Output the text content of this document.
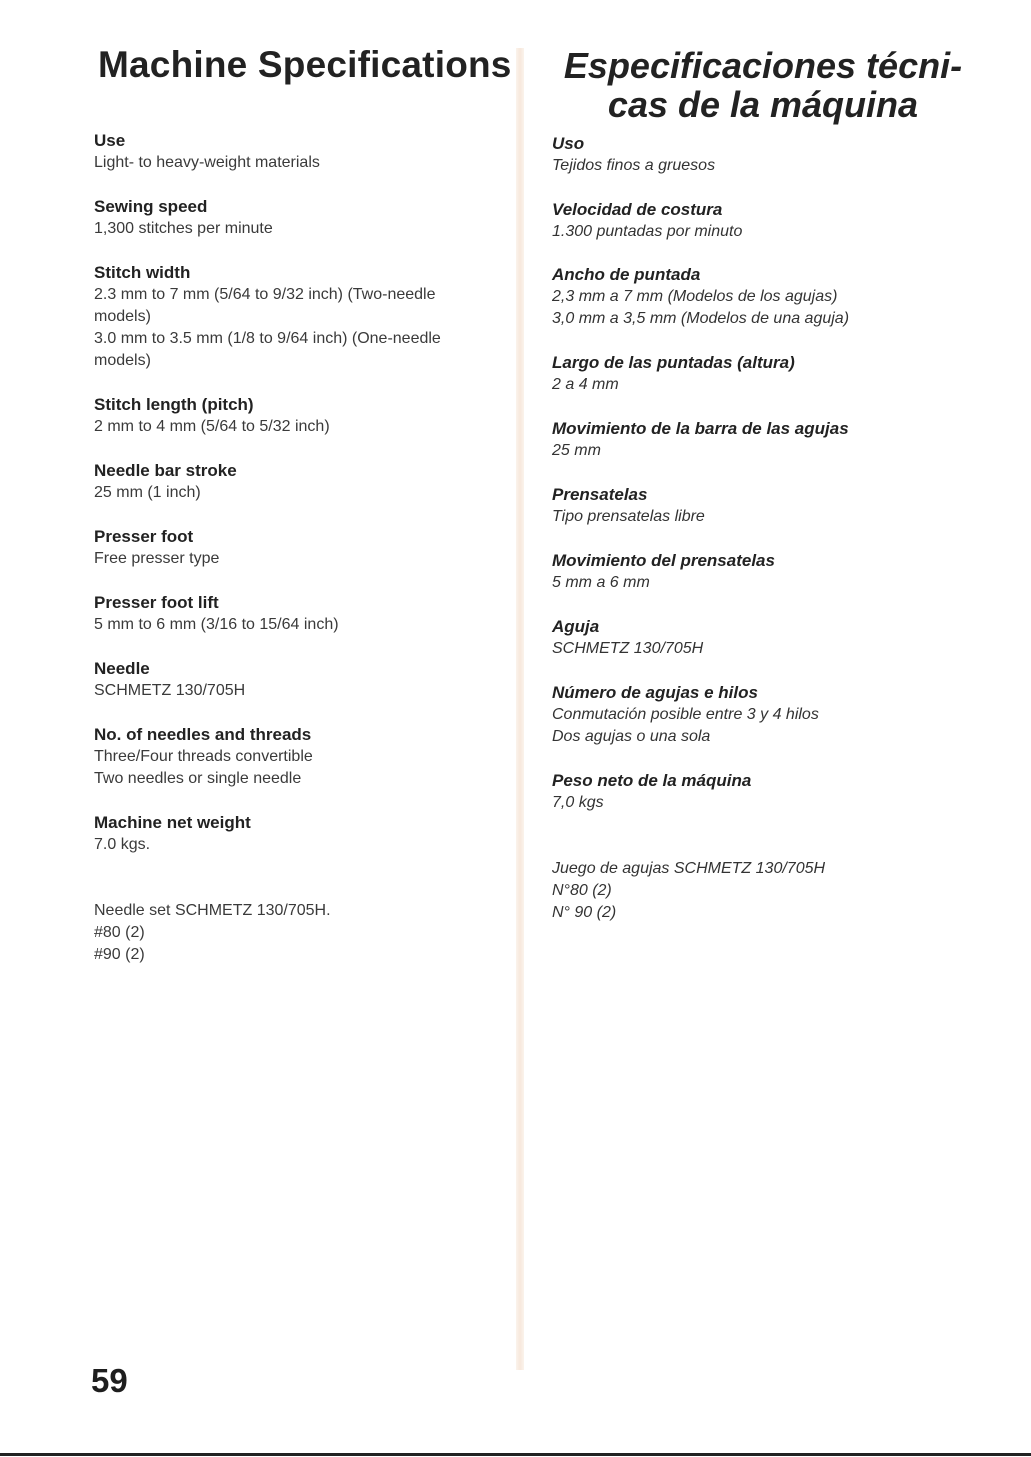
Machine Specifications Especificaciones técni-
cas de la máquina
Use
Light- to heavy-weight materials
Sewing speed
1,300 stitches per minute
Stitch width
2.3 mm to 7 mm (5/64 to 9/32 inch) (Two-needle
models)
3.0 mm to 3.5 mm (1/8 to 9/64 inch) (One-needle
models)
Stitch length (pitch)
2 mm to 4 mm (5/64 to 5/32 inch)
Needle bar stroke
25 mm (1 inch)
Presser foot
Free presser type
Presser foot lift
5 mm to 6 mm (3/16 to 15/64 inch)
Needle
SCHMETZ 130/705H
No. of needles and threads
Three/Four threads convertible
Two needles or single needle
Machine net weight
7.0 kgs.
Needle set SCHMETZ 130/705H.
#80 (2)
#90 (2)
Uso
Tejidos finos a gruesos
Velocidad de costura
1.300 puntadas por minuto
Ancho de puntada
2,3 mm a 7 mm (Modelos de los agujas)
3,0 mm a 3,5 mm (Modelos de una aguja)
Largo de las puntadas (altura)
2 a 4 mm
Movimiento de la barra de las agujas
25 mm
Prensatelas
Tipo prensatelas libre
Movimiento del prensatelas
5 mm a 6 mm
Aguja
SCHMETZ 130/705H
Número de agujas e hilos
Conmutación posible entre 3 y 4 hilos
Dos agujas o una sola
Peso neto de la máquina
7,0 kgs
Juego de agujas SCHMETZ 130/705H
N°80 (2)
N° 90 (2)

59
